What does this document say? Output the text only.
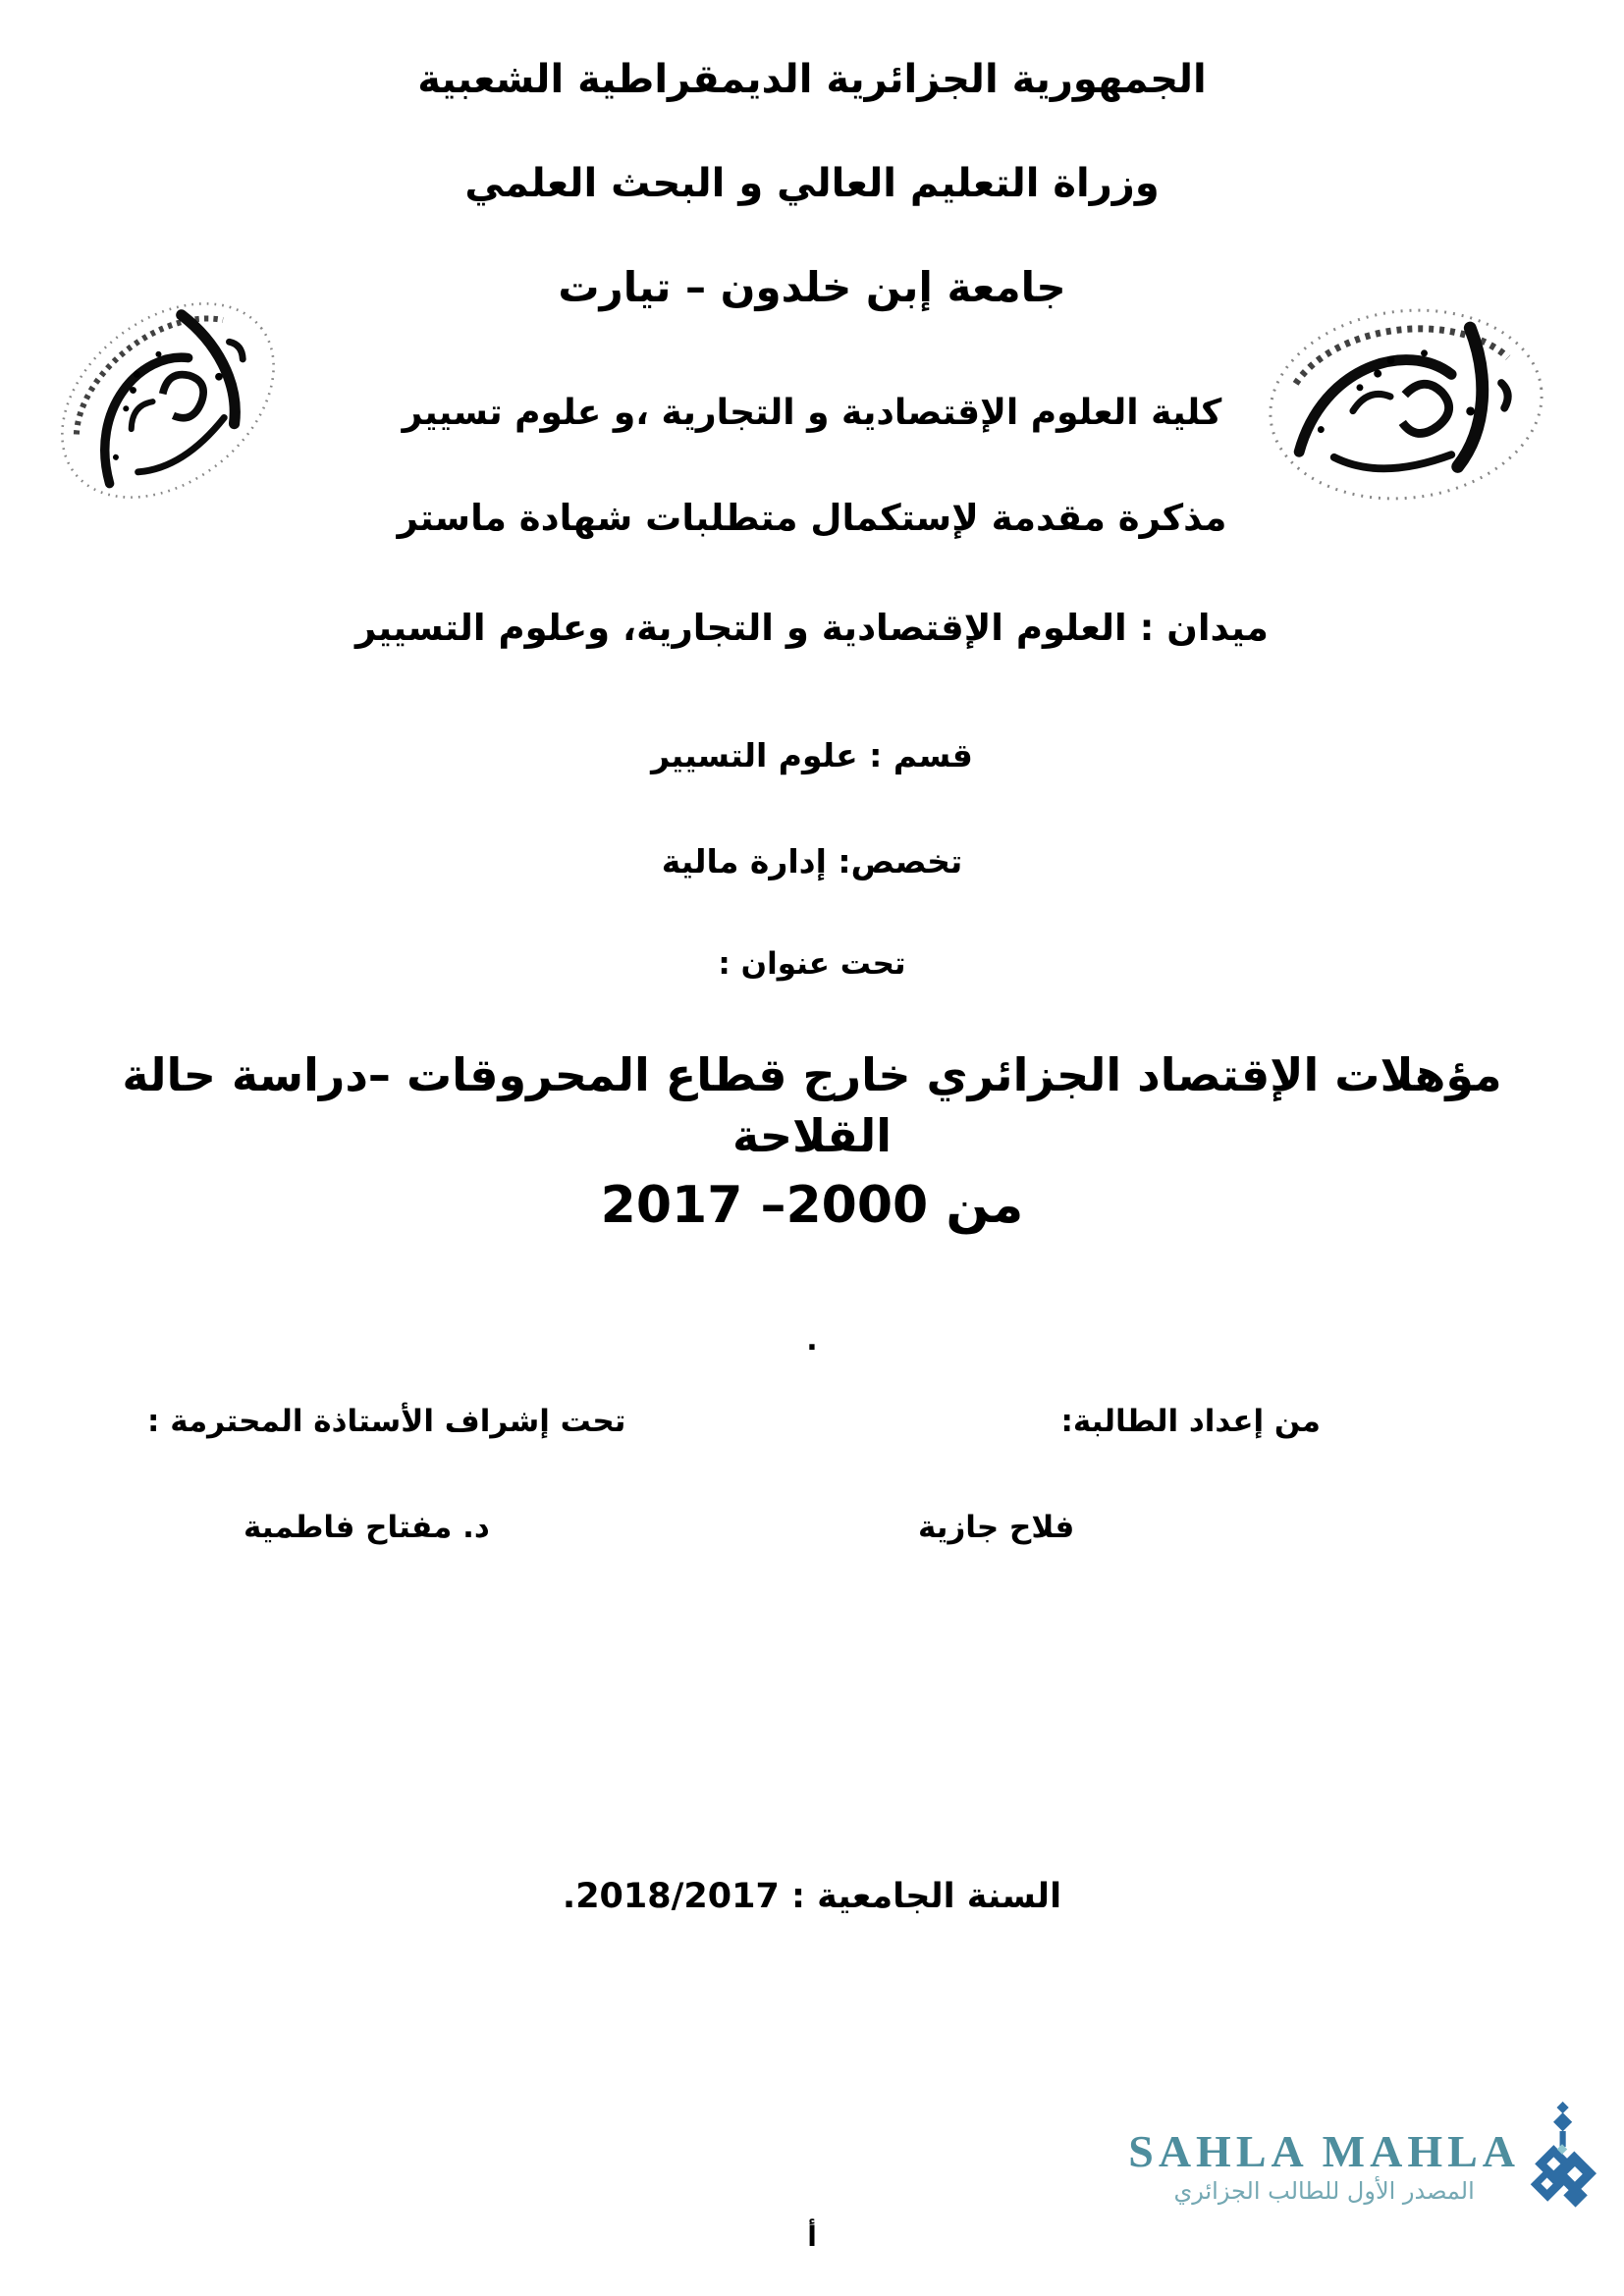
الجمهورية الجزائرية الديمقراطية الشعبية
وزراة التعليم العالي و البحث العلمي
جامعة إبن خلدون – تيارت
كلية العلوم الإقتصادية و التجارية ،و علوم تسيير
مذكرة مقدمة لإستكمال متطلبات شهادة ماستر
ميدان : العلوم الإقتصادية و التجارية، وعلوم التسيير
قسم : علوم التسيير
تخصص: إدارة مالية
تحت عنوان :
مؤهلات الإقتصاد الجزائري خارج قطاع المحروقات –دراسة حالة القلاحة
من 2000– 2017
.
من إعداد الطالبة:
فلاح جازية
تحت إشراف الأستاذة المحترمة :
د. مفتاح فاطمية
السنة الجامعية : 2018/2017.
SAHLA MAHLA
المصدر الأول للطالب الجزائري
أ
